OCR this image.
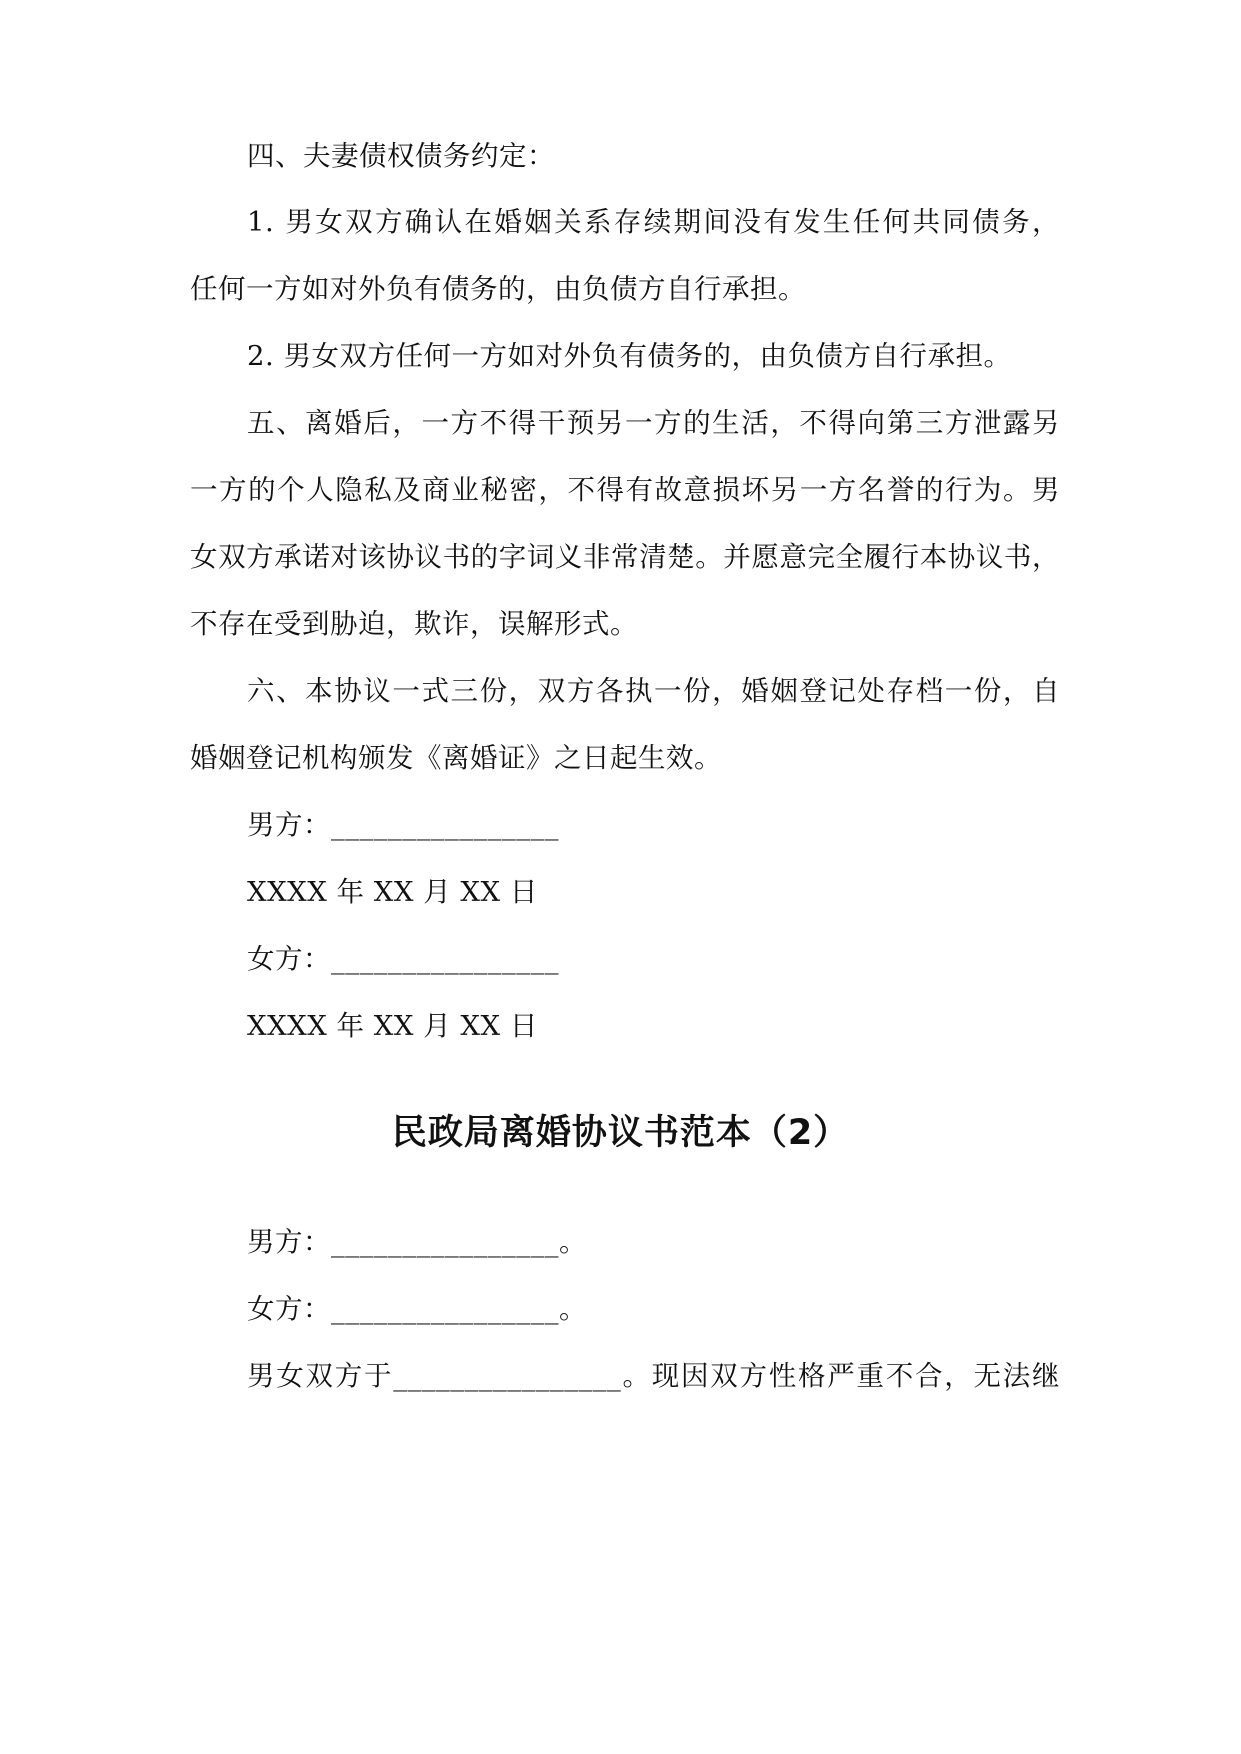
四、夫妻债权债务约定：
1. 男女双方确认在婚姻关系存续期间没有发生任何共同债务，
任何一方如对外负有债务的，由负债方自行承担。
2. 男女双方任何一方如对外负有债务的，由负债方自行承担。
五、离婚后，一方不得干预另一方的生活，不得向第三方泄露另
一方的个人隐私及商业秘密，不得有故意损坏另一方名誉的行为。男
女双方承诺对该协议书的字词义非常清楚。并愿意完全履行本协议书，
不存在受到胁迫，欺诈，误解形式。
六、本协议一式三份，双方各执一份，婚姻登记处存档一份，自
婚姻登记机构颁发《离婚证》之日起生效。
男方：________________
XXXX 年 XX 月 XX 日
女方：________________
XXXX 年 XX 月 XX 日
民政局离婚协议书范本（2）
男方：________________。
女方：________________。
男女双方于________________。现因双方性格严重不合，无法继
